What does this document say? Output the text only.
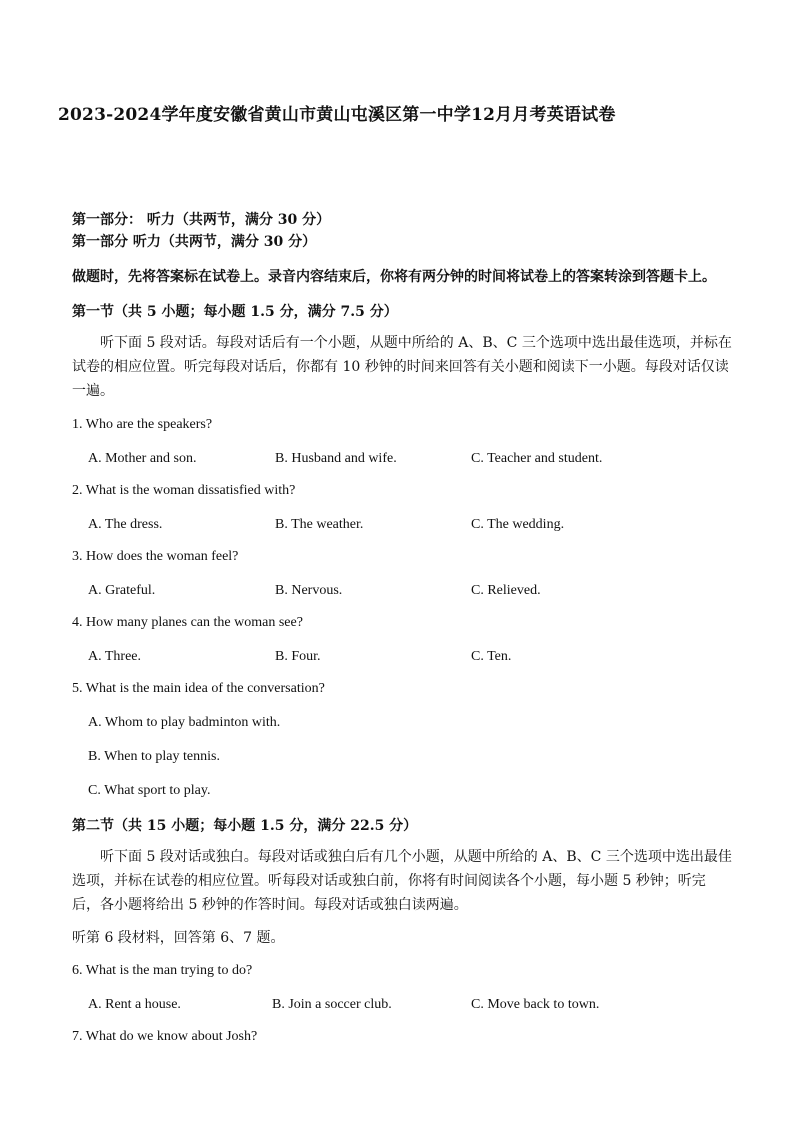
2023-2024学年度安徽省黄山市黄山屯溪区第一中学12月月考英语试卷
第一部分： 听力（共两节，满分 30 分）
第一部分 听力（共两节，满分 30 分）
做题时，先将答案标在试卷上。录音内容结束后，你将有两分钟的时间将试卷上的答案转涂到答题卡上。
第一节（共 5 小题；每小题 1.5 分，满分 7.5 分）
听下面 5 段对话。每段对话后有一个小题，从题中所给的 A、B、C 三个选项中选出最佳选项，并标在试卷的相应位置。听完每段对话后，你都有 10 秒钟的时间来回答有关小题和阅读下一小题。每段对话仅读一遍。
1. Who are the speakers?
A. Mother and son.	B. Husband and wife.	C. Teacher and student.
2. What is the woman dissatisfied with?
A. The dress.	B. The weather.	C. The wedding.
3. How does the woman feel?
A. Grateful.	B. Nervous.	C. Relieved.
4. How many planes can the woman see?
A. Three.	B. Four.	C. Ten.
5. What is the main idea of the conversation?
A. Whom to play badminton with.
B. When to play tennis.
C. What sport to play.
第二节（共 15 小题；每小题 1.5 分，满分 22.5 分）
听下面 5 段对话或独白。每段对话或独白后有几个小题，从题中所给的 A、B、C 三个选项中选出最佳选项，并标在试卷的相应位置。听每段对话或独白前，你将有时间阅读各个小题，每小题 5 秒钟；听完后，各小题将给出 5 秒钟的作答时间。每段对话或独白读两遍。
听第 6 段材料，回答第 6、7 题。
6. What is the man trying to do?
A. Rent a house.	B. Join a soccer club.	C. Move back to town.
7. What do we know about Josh?
